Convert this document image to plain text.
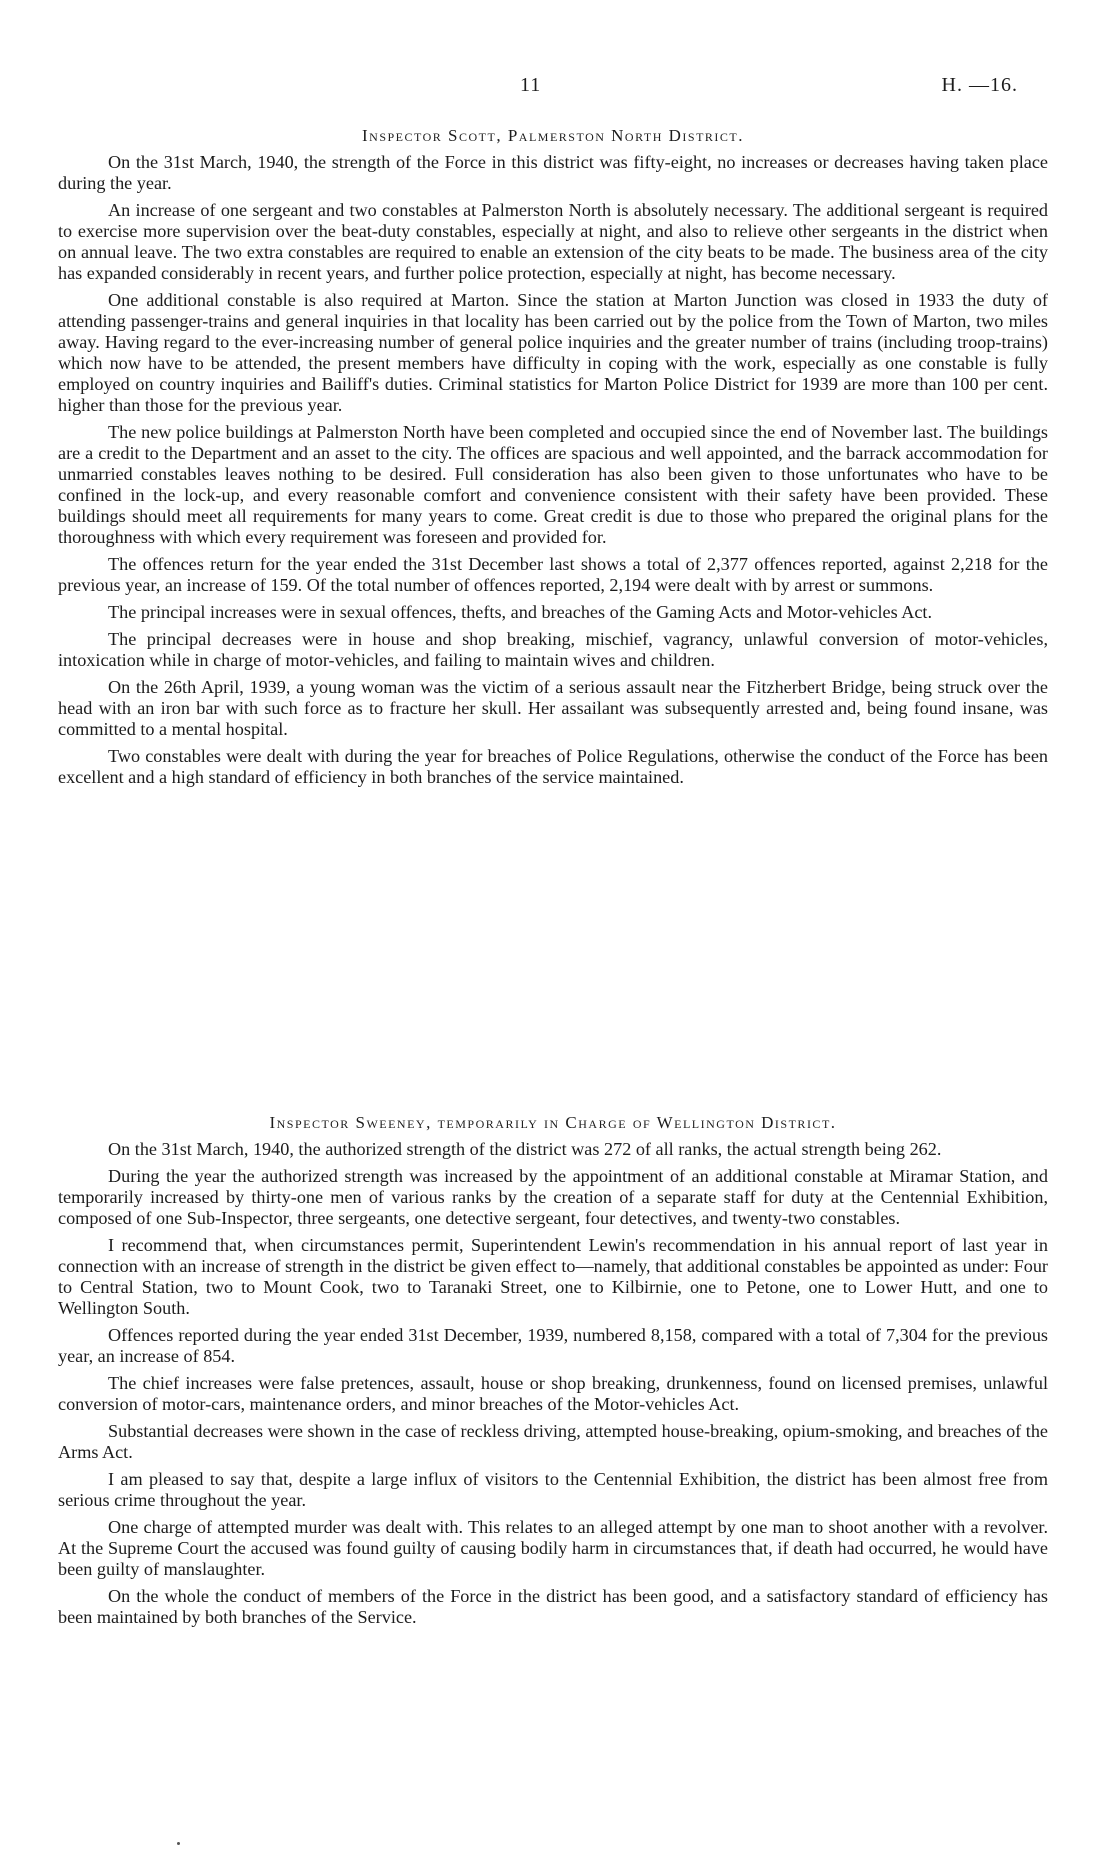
11	H. —16.
Inspector Scott, Palmerston North District.

On the 31st March, 1940, the strength of the Force in this district was fifty-eight, no increases or decreases having taken place during the year.

An increase of one sergeant and two constables at Palmerston North is absolutely necessary. The additional sergeant is required to exercise more supervision over the beat-duty constables, especially at night, and also to relieve other sergeants in the district when on annual leave. The two extra constables are required to enable an extension of the city beats to be made. The business area of the city has expanded considerably in recent years, and further police protection, especially at night, has become necessary.

One additional constable is also required at Marton. Since the station at Marton Junction was closed in 1933 the duty of attending passenger-trains and general inquiries in that locality has been carried out by the police from the Town of Marton, two miles away. Having regard to the ever-increasing number of general police inquiries and the greater number of trains (including troop-trains) which now have to be attended, the present members have difficulty in coping with the work, especially as one constable is fully employed on country inquiries and Bailiff's duties. Criminal statistics for Marton Police District for 1939 are more than 100 per cent. higher than those for the previous year.

The new police buildings at Palmerston North have been completed and occupied since the end of November last. The buildings are a credit to the Department and an asset to the city. The offices are spacious and well appointed, and the barrack accommodation for unmarried constables leaves nothing to be desired. Full consideration has also been given to those unfortunates who have to be confined in the lock-up, and every reasonable comfort and convenience consistent with their safety have been provided. These buildings should meet all requirements for many years to come. Great credit is due to those who prepared the original plans for the thoroughness with which every requirement was foreseen and provided for.

The offences return for the year ended the 31st December last shows a total of 2,377 offences reported, against 2,218 for the previous year, an increase of 159. Of the total number of offences reported, 2,194 were dealt with by arrest or summons.

The principal increases were in sexual offences, thefts, and breaches of the Gaming Acts and Motor-vehicles Act.

The principal decreases were in house and shop breaking, mischief, vagrancy, unlawful conversion of motor-vehicles, intoxication while in charge of motor-vehicles, and failing to maintain wives and children.

On the 26th April, 1939, a young woman was the victim of a serious assault near the Fitzherbert Bridge, being struck over the head with an iron bar with such force as to fracture her skull. Her assailant was subsequently arrested and, being found insane, was committed to a mental hospital.

Two constables were dealt with during the year for breaches of Police Regulations, otherwise the conduct of the Force has been excellent and a high standard of efficiency in both branches of the service maintained.

Inspector Sweeney, temporarily in Charge of Wellington District.

On the 31st March, 1940, the authorized strength of the district was 272 of all ranks, the actual strength being 262.

During the year the authorized strength was increased by the appointment of an additional constable at Miramar Station, and temporarily increased by thirty-one men of various ranks by the creation of a separate staff for duty at the Centennial Exhibition, composed of one Sub-Inspector, three sergeants, one detective sergeant, four detectives, and twenty-two constables.

I recommend that, when circumstances permit, Superintendent Lewin's recommendation in his annual report of last year in connection with an increase of strength in the district be given effect to—namely, that additional constables be appointed as under: Four to Central Station, two to Mount Cook, two to Taranaki Street, one to Kilbirnie, one to Petone, one to Lower Hutt, and one to Wellington South.

Offences reported during the year ended 31st December, 1939, numbered 8,158, compared with a total of 7,304 for the previous year, an increase of 854.

The chief increases were false pretences, assault, house or shop breaking, drunkenness, found on licensed premises, unlawful conversion of motor-cars, maintenance orders, and minor breaches of the Motor-vehicles Act.

Substantial decreases were shown in the case of reckless driving, attempted house-breaking, opium-smoking, and breaches of the Arms Act.

I am pleased to say that, despite a large influx of visitors to the Centennial Exhibition, the district has been almost free from serious crime throughout the year.

One charge of attempted murder was dealt with. This relates to an alleged attempt by one man to shoot another with a revolver. At the Supreme Court the accused was found guilty of causing bodily harm in circumstances that, if death had occurred, he would have been guilty of manslaughter.

On the whole the conduct of members of the Force in the district has been good, and a satisfactory standard of efficiency has been maintained by both branches of the Service.
